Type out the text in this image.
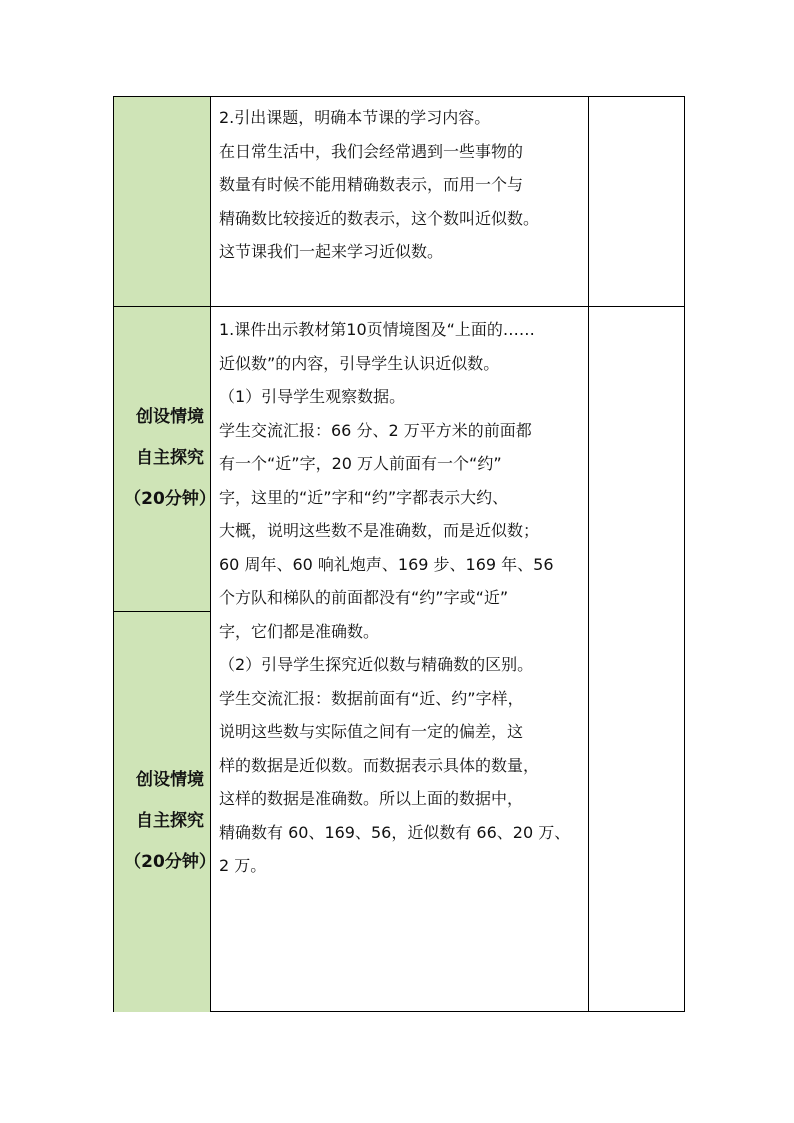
2.引出课题，明确本节课的学习内容。
在日常生活中，我们会经常遇到一些事物的
数量有时候不能用精确数表示，而用一个与
精确数比较接近的数表示，这个数叫近似数。
这节课我们一起来学习近似数。
创设情境
自主探究
（20分钟）
创设情境
自主探究
（20分钟）
1.课件出示教材第10页情境图及“上面的……
近似数”的内容，引导学生认识近似数。
（1）引导学生观察数据。
学生交流汇报：66 分、2 万平方米的前面都
有一个“近”字，20 万人前面有一个“约”
字，这里的“近”字和“约”字都表示大约、
大概，说明这些数不是准确数，而是近似数；
60 周年、60 响礼炮声、169 步、169 年、56
个方队和梯队的前面都没有“约”字或“近”
字，它们都是准确数。
（2）引导学生探究近似数与精确数的区别。
学生交流汇报：数据前面有“近、约”字样，
说明这些数与实际值之间有一定的偏差，这
样的数据是近似数。而数据表示具体的数量，
这样的数据是准确数。所以上面的数据中，
精确数有 60、169、56，近似数有 66、20 万、
2 万。
